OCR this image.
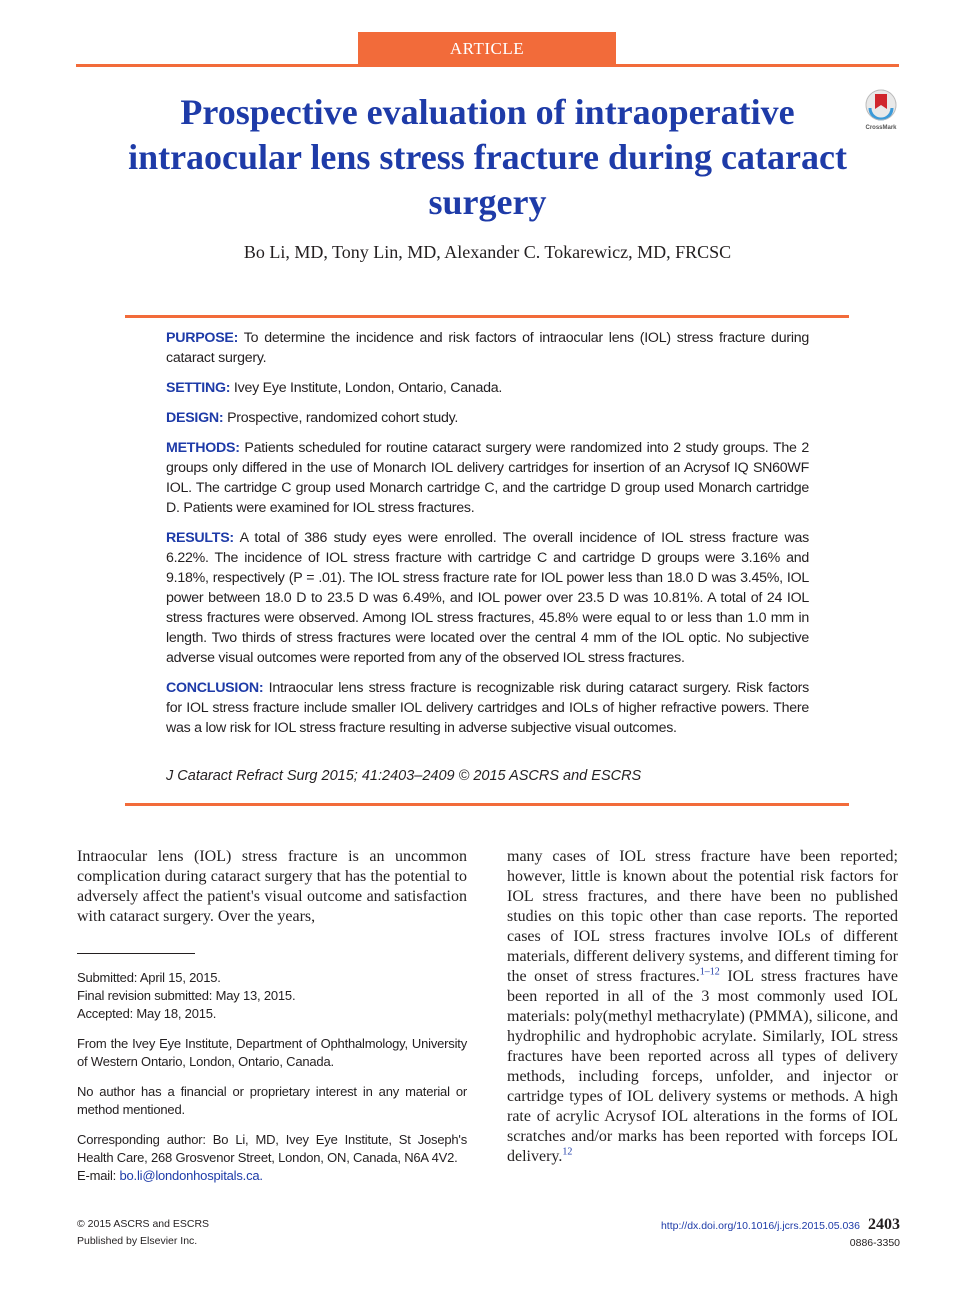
ARTICLE
Prospective evaluation of intraoperative intraocular lens stress fracture during cataract surgery
CrossMark
Bo Li, MD, Tony Lin, MD, Alexander C. Tokarewicz, MD, FRCSC

PURPOSE: To determine the incidence and risk factors of intraocular lens (IOL) stress fracture during cataract surgery.

SETTING: Ivey Eye Institute, London, Ontario, Canada.

DESIGN: Prospective, randomized cohort study.

METHODS: Patients scheduled for routine cataract surgery were randomized into 2 study groups. The 2 groups only differed in the use of Monarch IOL delivery cartridges for insertion of an Acrysof IQ SN60WF IOL. The cartridge C group used Monarch cartridge C, and the cartridge D group used Monarch cartridge D. Patients were examined for IOL stress fractures.

RESULTS: A total of 386 study eyes were enrolled. The overall incidence of IOL stress fracture was 6.22%. The incidence of IOL stress fracture with cartridge C and cartridge D groups were 3.16% and 9.18%, respectively (P = .01). The IOL stress fracture rate for IOL power less than 18.0 D was 3.45%, IOL power between 18.0 D to 23.5 D was 6.49%, and IOL power over 23.5 D was 10.81%. A total of 24 IOL stress fractures were observed. Among IOL stress fractures, 45.8% were equal to or less than 1.0 mm in length. Two thirds of stress fractures were located over the central 4 mm of the IOL optic. No subjective adverse visual outcomes were reported from any of the observed IOL stress fractures.

CONCLUSION: Intraocular lens stress fracture is recognizable risk during cataract surgery. Risk factors for IOL stress fracture include smaller IOL delivery cartridges and IOLs of higher refractive powers. There was a low risk for IOL stress fracture resulting in adverse subjective visual outcomes.

J Cataract Refract Surg 2015; 41:2403–2409 © 2015 ASCRS and ESCRS
Intraocular lens (IOL) stress fracture is an uncommon complication during cataract surgery that has the potential to adversely affect the patient's visual outcome and satisfaction with cataract surgery. Over the years,
many cases of IOL stress fracture have been reported; however, little is known about the potential risk factors for IOL stress fractures, and there have been no published studies on this topic other than case reports. The reported cases of IOL stress fractures involve IOLs of different materials, different delivery systems, and different timing for the onset of stress fractures.$^{1-12}$ IOL stress fractures have been reported in all of the 3 most commonly used IOL materials: poly(methyl methacrylate) (PMMA), silicone, and hydrophilic and hydrophobic acrylate. Similarly, IOL stress fractures have been reported across all types of delivery methods, including forceps, unfolder, and injector or cartridge types of IOL delivery systems or methods. A high rate of acrylic Acrysof IOL alterations in the forms of IOL scratches and/or marks has been reported with forceps IOL delivery.$^{12}$

Submitted: April 15, 2015.
Final revision submitted: May 13, 2015.
Accepted: May 18, 2015.

From the Ivey Eye Institute, Department of Ophthalmology, University of Western Ontario, London, Ontario, Canada.

No author has a financial or proprietary interest in any material or method mentioned.

Corresponding author: Bo Li, MD, Ivey Eye Institute, St Joseph's Health Care, 268 Grosvenor Street, London, ON, Canada, N6A 4V2.
E-mail: bo.li@londonhospitals.ca.

© 2015 ASCRS and ESCRS
Published by Elsevier Inc.
http://dx.doi.org/10.1016/j.jcrs.2015.05.036 2403
0886-3350
